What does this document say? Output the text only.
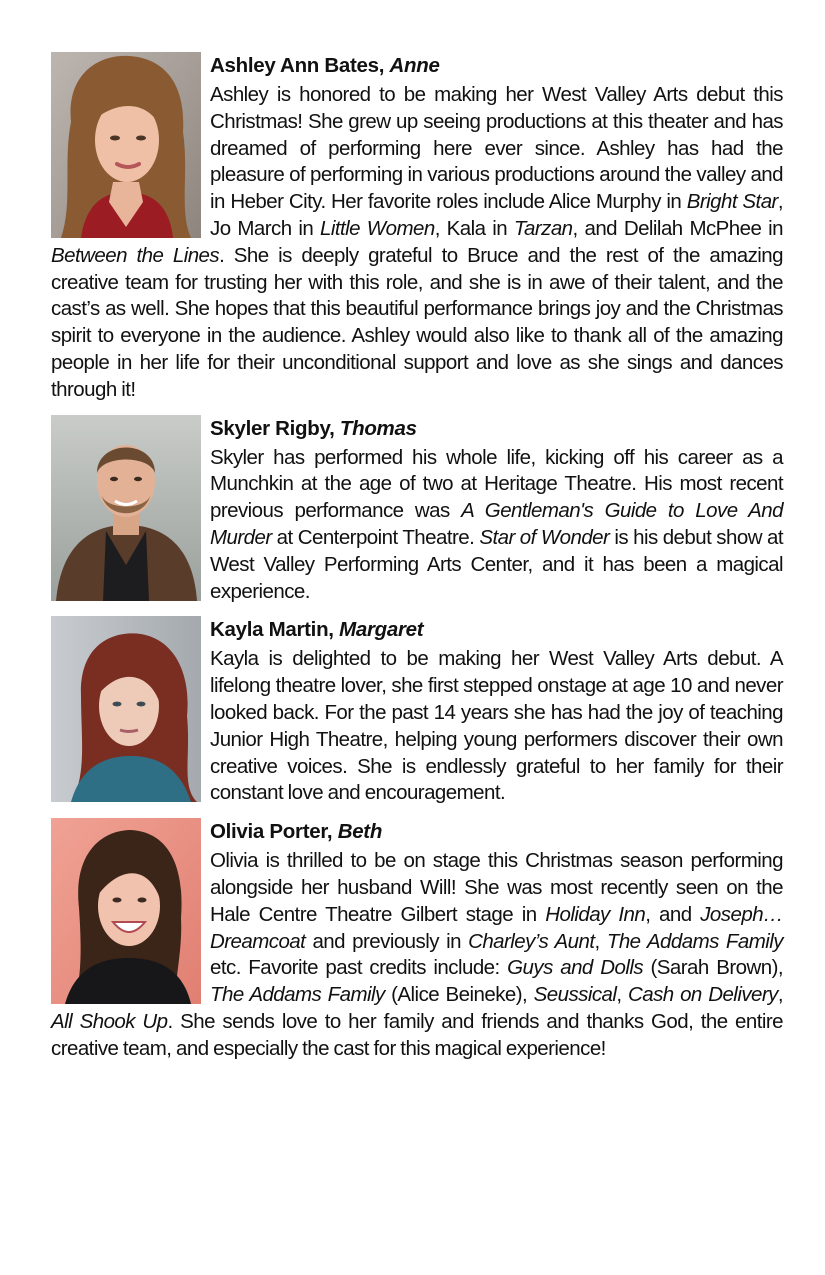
Ashley Ann Bates, Anne

Ashley is honored to be making her West Valley Arts debut this Christmas! She grew up seeing productions at this theater and has dreamed of performing here ever since. Ashley has had the pleasure of performing in various productions around the valley and in Heber City. Her favorite roles include Alice Murphy in Bright Star, Jo March in Little Women, Kala in Tarzan, and Delilah McPhee in Between the Lines. She is deeply grateful to Bruce and the rest of the amazing creative team for trusting her with this role, and she is in awe of their talent, and the cast’s as well. She hopes that this beautiful performance brings joy and the Christmas spirit to everyone in the audience. Ashley would also like to thank all of the amazing people in her life for their unconditional support and love as she sings and dances through it!

Skyler Rigby, Thomas

Skyler has performed his whole life, kicking off his career as a Munchkin at the age of two at Heritage Theatre. His most recent previous performance was A Gentleman's Guide to Love And Murder at Centerpoint Theatre. Star of Wonder is his debut show at West Valley Performing Arts Center, and it has been a magical experience.

Kayla Martin, Margaret

Kayla is delighted to be making her West Valley Arts debut. A lifelong theatre lover, she first stepped onstage at age 10 and never looked back. For the past 14 years she has had the joy of teaching Junior High Theatre, helping young performers discover their own creative voices. She is endlessly grateful to her family for their constant love and encouragement.

Olivia Porter, Beth

Olivia is thrilled to be on stage this Christmas season performing alongside her husband Will! She was most recently seen on the Hale Centre Theatre Gilbert stage in Holiday Inn, and Joseph…Dreamcoat and previously in Charley’s Aunt, The Addams Family etc. Favorite past credits include: Guys and Dolls (Sarah Brown), The Addams Family (Alice Beineke), Seussical, Cash on Delivery, All Shook Up. She sends love to her family and friends and thanks God, the entire creative team, and especially the cast for this magical experience!
